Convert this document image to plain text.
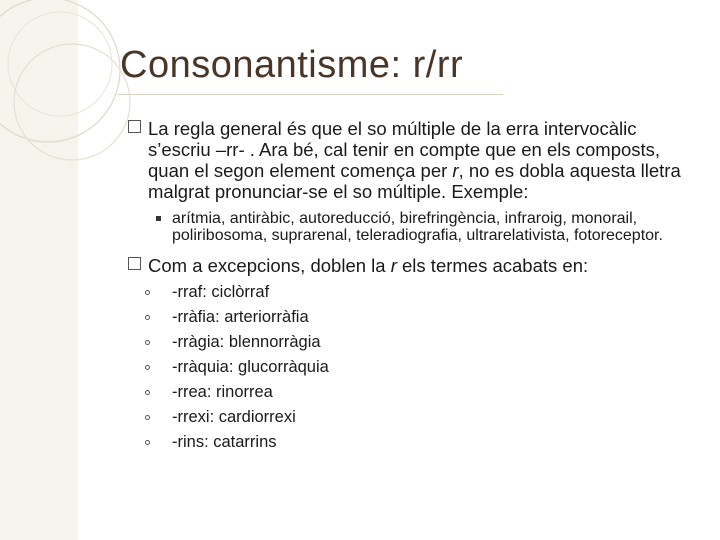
Consonantisme: r/rr
La regla general és que el so múltiple de la erra intervocàlic s’escriu –rr- . Ara bé, cal tenir en compte que en els composts, quan el segon element comença per r, no es dobla aquesta lletra malgrat pronunciar-se el so múltiple. Exemple:
arítmia, antiràbic, autoreducció, birefringència, infraroig, monorail, poliribosoma, suprarenal, teleradiografia, ultrarelativista, fotoreceptor.
Com a excepcions, doblen la r els termes acabats en:
-rraf: ciclòrraf
-rràfia: arteriorràfia
-rràgia: blennorràgia
-rràquia: glucorràquia
-rrea: rinorrea
-rrexi: cardiorrexi
-rins: catarrins
